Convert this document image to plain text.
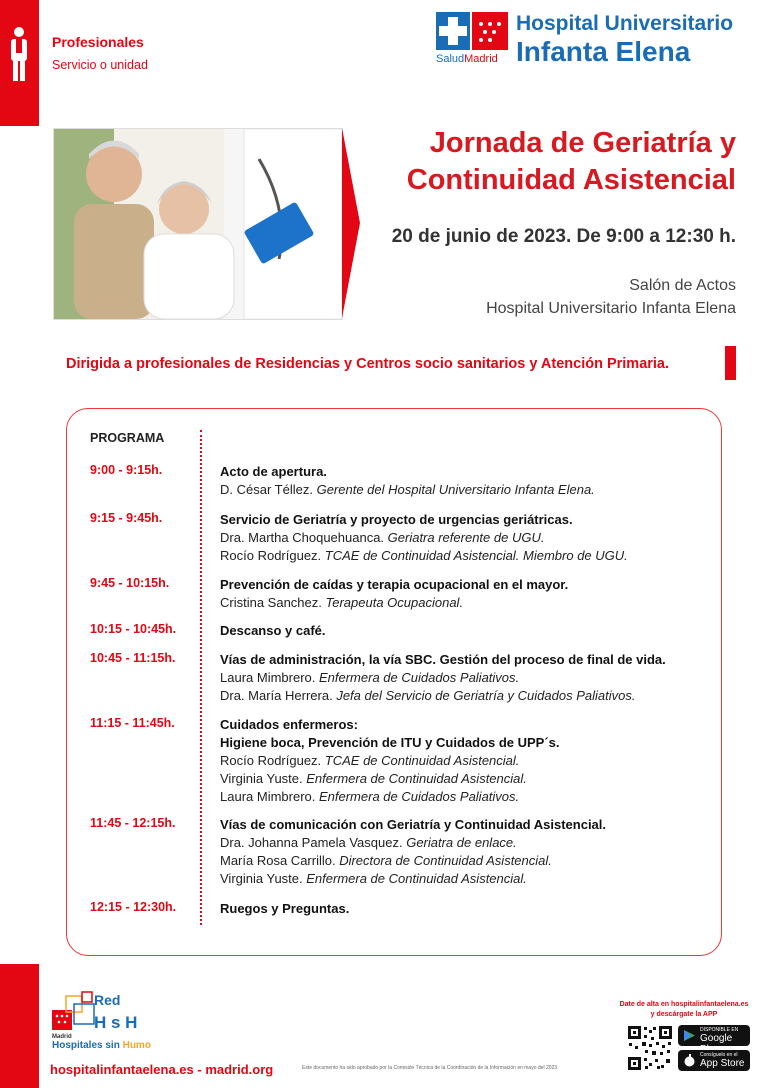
Profesionales
Servicio o unidad	SaludMadrid
Hospital Universitario
Infanta Elena
Jornada de Geriatría y
Continuidad Asistencial
20 de junio de 2023. De 9:00 a 12:30 h.
Salón de Actos
Hospital Universitario Infanta Elena
Dirigida a profesionales de Residencias y Centros socio sanitarios y Atención Primaria.
PROGRAMA
9:00 - 9:15h.	Acto de apertura.
D. César Téllez. Gerente del Hospital Universitario Infanta Elena.
9:15 - 9:45h.	Servicio de Geriatría y proyecto de urgencias geriátricas.
Dra. Martha Choquehuanca. Geriatra referente de UGU.
Rocío Rodríguez. TCAE de Continuidad Asistencial. Miembro de UGU.
9:45 - 10:15h.	Prevención de caídas y terapia ocupacional en el mayor.
Cristina Sanchez. Terapeuta Ocupacional.
10:15 - 10:45h.	Descanso y café.
10:45 - 11:15h.	Vías de administración, la vía SBC. Gestión del proceso de final de vida.
Laura Mimbrero. Enfermera de Cuidados Paliativos.
Dra. María Herrera. Jefa del Servicio de Geriatría y Cuidados Paliativos.
11:15 - 11:45h.	Cuidados enfermeros:
Higiene boca, Prevención de ITU y Cuidados de UPP´s.
Rocío Rodríguez. TCAE de Continuidad Asistencial.
Virginia Yuste. Enfermera de Continuidad Asistencial.
Laura Mimbrero. Enfermera de Cuidados Paliativos.
11:45 - 12:15h.	Vías de comunicación con Geriatría y Continuidad Asistencial.
Dra. Johanna Pamela Vasquez. Geriatra de enlace.
María Rosa Carrillo. Directora de Continuidad Asistencial.
Virginia Yuste. Enfermera de Continuidad Asistencial.
12:15 - 12:30h.	Ruegos y Preguntas.
Red
H s H
Madrid
Hospitales sin Humo
hospitalinfantaelena.es - madrid.org	Este documento ha sido aprobado por la Comisión Técnica de la Coordinación de la Información en mayo del 2023
Date de alta en hospitalinfantaelena.es
y descárgate la APP
DISPONIBLE EN
Google
Consíguelo en el
App Store
